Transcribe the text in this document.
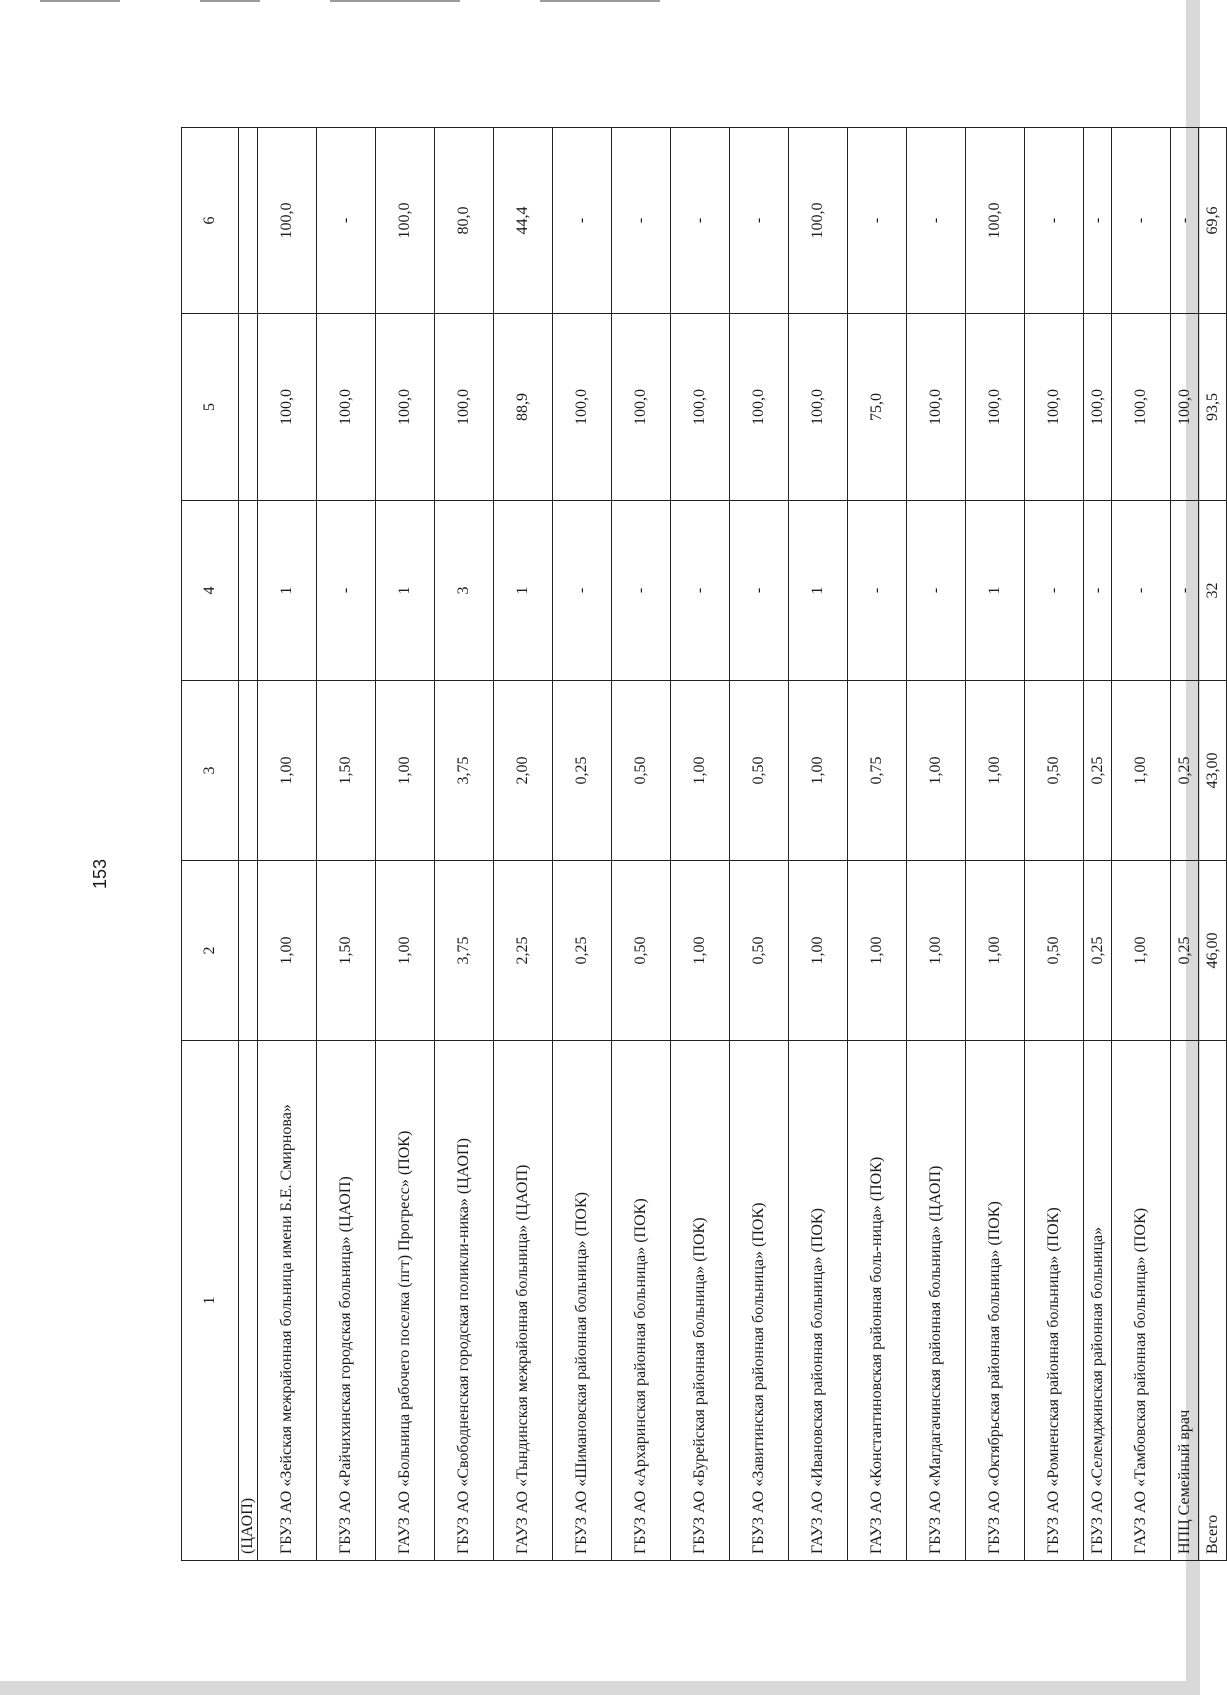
153
1	2	3	4	5	6
(ЦАОП)					
ГБУЗ АО «Зейская межрайонная больница имени Б.Е. Смирнова»	1,00	1,00	1	100,0	100,0
ГБУЗ АО «Райчихинская городская больница» (ЦАОП)	1,50	1,50	-	100,0	-
ГАУЗ АО «Больница рабочего поселка (пгт) Прогресс» (ПОК)	1,00	1,00	1	100,0	100,0
ГБУЗ АО «Свободненская городская поликли-ника» (ЦАОП)	3,75	3,75	3	100,0	80,0
ГАУЗ АО «Тындинская межрайонная больница» (ЦАОП)	2,25	2,00	1	88,9	44,4
ГБУЗ АО «Шимановская районная больница» (ПОК)	0,25	0,25	-	100,0	-
ГБУЗ АО «Архаринская районная больница» (ПОК)	0,50	0,50	-	100,0	-
ГБУЗ АО «Бурейская районная больница» (ПОК)	1,00	1,00	-	100,0	-
ГБУЗ АО «Завитинская районная больница» (ПОК)	0,50	0,50	-	100,0	-
ГАУЗ АО «Ивановская районная больница» (ПОК)	1,00	1,00	1	100,0	100,0
ГАУЗ АО «Константиновская районная боль-ница» (ПОК)	1,00	0,75	-	75,0	-
ГБУЗ АО «Магдагачинская районная больница» (ЦАОП)	1,00	1,00	-	100,0	-
ГБУЗ АО «Октябрьская районная больница» (ПОК)	1,00	1,00	1	100,0	100,0
ГБУЗ АО «Ромненская районная больница» (ПОК)	0,50	0,50	-	100,0	-
ГБУЗ АО «Селемджинская районная больница»	0,25	0,25	-	100,0	-
ГАУЗ АО «Тамбовская районная больница» (ПОК)	1,00	1,00	-	100,0	-
НПЦ Семейный врач	0,25	0,25	-	100,0	-
Всего	46,00	43,00	32	93,5	69,6
